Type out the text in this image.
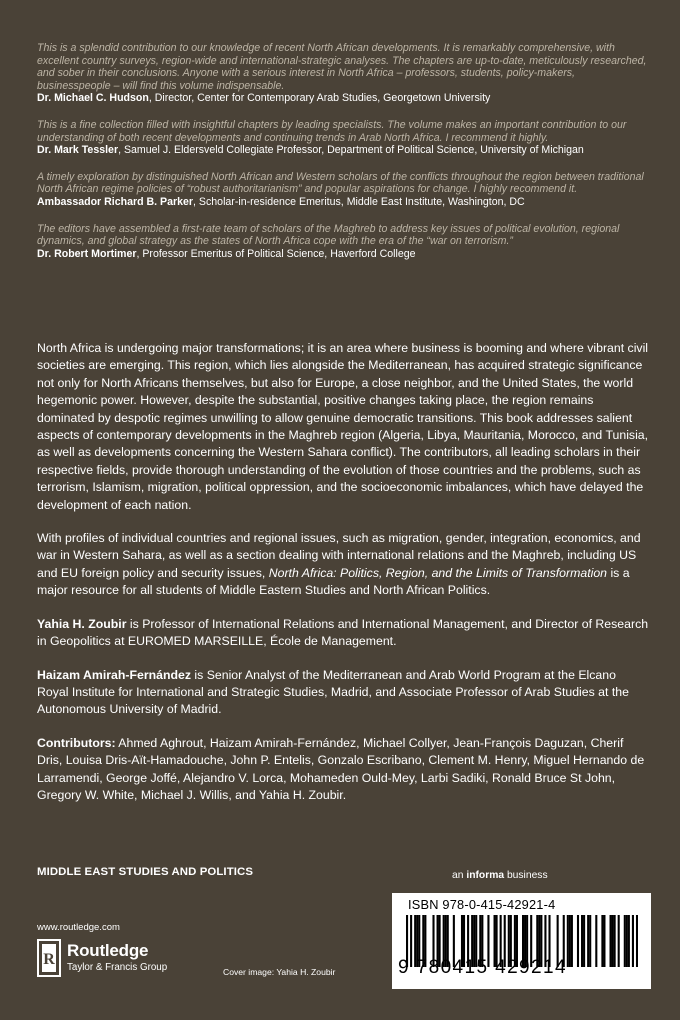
This is a splendid contribution to our knowledge of recent North African developments. It is remarkably comprehensive, with excellent country surveys, region-wide and international-strategic analyses. The chapters are up-to-date, meticulously researched, and sober in their conclusions. Anyone with a serious interest in North Africa – professors, students, policy-makers, businesspeople – will find this volume indispensable.

Dr. Michael C. Hudson, Director, Center for Contemporary Arab Studies, Georgetown University

This is a fine collection filled with insightful chapters by leading specialists. The volume makes an important contribution to our understanding of both recent developments and continuing trends in Arab North Africa. I recommend it highly.

Dr. Mark Tessler, Samuel J. Eldersveld Collegiate Professor, Department of Political Science, University of Michigan

A timely exploration by distinguished North African and Western scholars of the conflicts throughout the region between traditional North African regime policies of “robust authoritarianism” and popular aspirations for change. I highly recommend it.

Ambassador Richard B. Parker, Scholar-in-residence Emeritus, Middle East Institute, Washington, DC

The editors have assembled a first-rate team of scholars of the Maghreb to address key issues of political evolution, regional dynamics, and global strategy as the states of North Africa cope with the era of the “war on terrorism.”

Dr. Robert Mortimer, Professor Emeritus of Political Science, Haverford College

North Africa is undergoing major transformations; it is an area where business is booming and where vibrant civil societies are emerging. This region, which lies alongside the Mediterranean, has acquired strategic significance not only for North Africans themselves, but also for Europe, a close neighbor, and the United States, the world hegemonic power. However, despite the substantial, positive changes taking place, the region remains dominated by despotic regimes unwilling to allow genuine democratic transitions. This book addresses salient aspects of contemporary developments in the Maghreb region (Algeria, Libya, Mauritania, Morocco, and Tunisia, as well as developments concerning the Western Sahara conflict). The contributors, all leading scholars in their respective fields, provide thorough understanding of the evolution of those countries and the problems, such as terrorism, Islamism, migration, political oppression, and the socioeconomic imbalances, which have delayed the development of each nation.

With profiles of individual countries and regional issues, such as migration, gender, integration, economics, and war in Western Sahara, as well as a section dealing with international relations and the Maghreb, including US and EU foreign policy and security issues, North Africa: Politics, Region, and the Limits of Transformation is a major resource for all students of Middle Eastern Studies and North African Politics.

Yahia H. Zoubir is Professor of International Relations and International Management, and Director of Research in Geopolitics at EUROMED MARSEILLE, École de Management.

Haizam Amirah-Fernández is Senior Analyst of the Mediterranean and Arab World Program at the Elcano Royal Institute for International and Strategic Studies, Madrid, and Associate Professor of Arab Studies at the Autonomous University of Madrid.

Contributors: Ahmed Aghrout, Haizam Amirah-Fernández, Michael Collyer, Jean-François Daguzan, Cherif Dris, Louisa Dris-Aït-Hamadouche, John P. Entelis, Gonzalo Escribano, Clement M. Henry, Miguel Hernando de Larramendi, George Joffé, Alejandro V. Lorca, Mohameden Ould-Mey, Larbi Sadiki, Ronald Bruce St John, Gregory W. White, Michael J. Willis, and Yahia H. Zoubir.

MIDDLE EAST STUDIES AND POLITICS	an informa business
ISBN 978-0-415-42921-4
9 780415 429214
www.routledge.com
R Routledge
Taylor & Francis Group	Cover image: Yahia H. Zoubir
